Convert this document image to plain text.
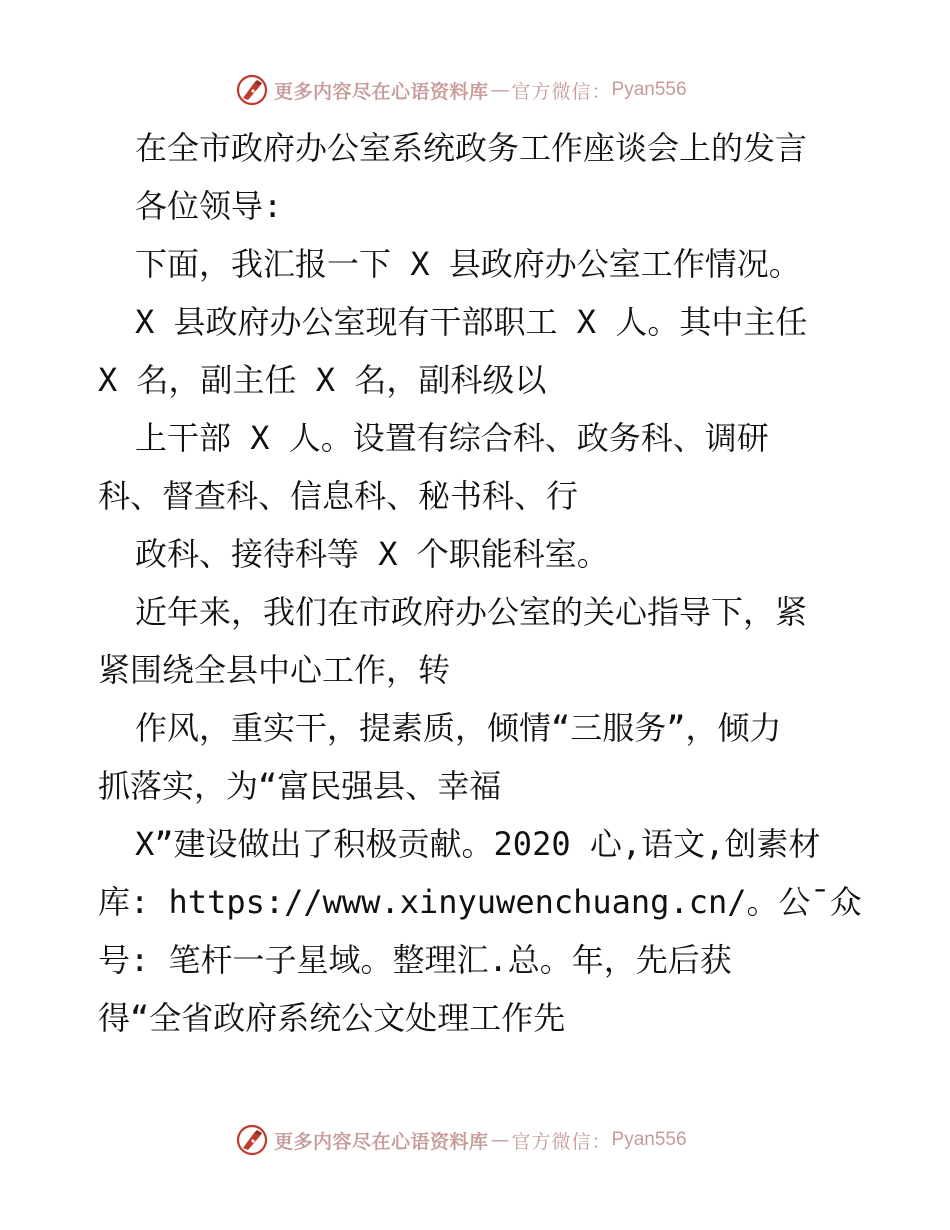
更多内容尽在心语资料库 — 官方微信： Pyan556
在全市政府办公室系统政务工作座谈会上的发言
各位领导:
下面，我汇报一下 X 县政府办公室工作情况。
X 县政府办公室现有干部职工 X 人。其中主任
X 名，副主任 X 名，副科级以
上干部 X 人。设置有综合科、政务科、调研
科、督查科、信息科、秘书科、行
政科、接待科等 X 个职能科室。
近年来，我们在市政府办公室的关心指导下，紧
紧围绕全县中心工作，转
作风，重实干，提素质，倾情“三服务”，倾力
抓落实，为“富民强县、幸福
X”建设做出了积极贡献。2020 心,语文,创素材
库: https://www.xinyuwenchuang.cn/。公¯众
号: 笔杆一子星域。整理汇.总。年，先后获
得“全省政府系统公文处理工作先
更多内容尽在心语资料库 — 官方微信： Pyan556
